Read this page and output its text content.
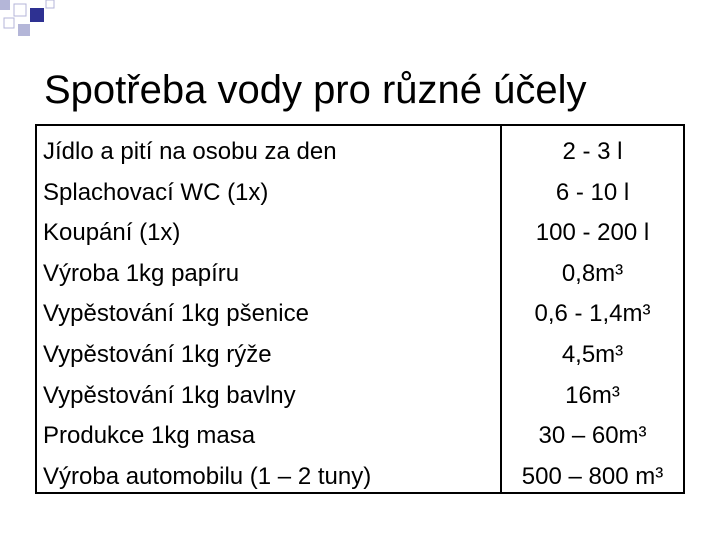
Spotřeba vody pro různé účely
Jídlo a pití na osobu za den
Splachovací WC (1x)
Koupání (1x)
Výroba 1kg papíru
Vypěstování 1kg pšenice
Vypěstování 1kg rýže
Vypěstování 1kg bavlny
Produkce 1kg masa
Výroba automobilu (1 – 2 tuny)
2 - 3 l
6 - 10 l
100 - 200 l
0,8m³
0,6 - 1,4m³
4,5m³
16m³
30 – 60m³
500 – 800 m³
